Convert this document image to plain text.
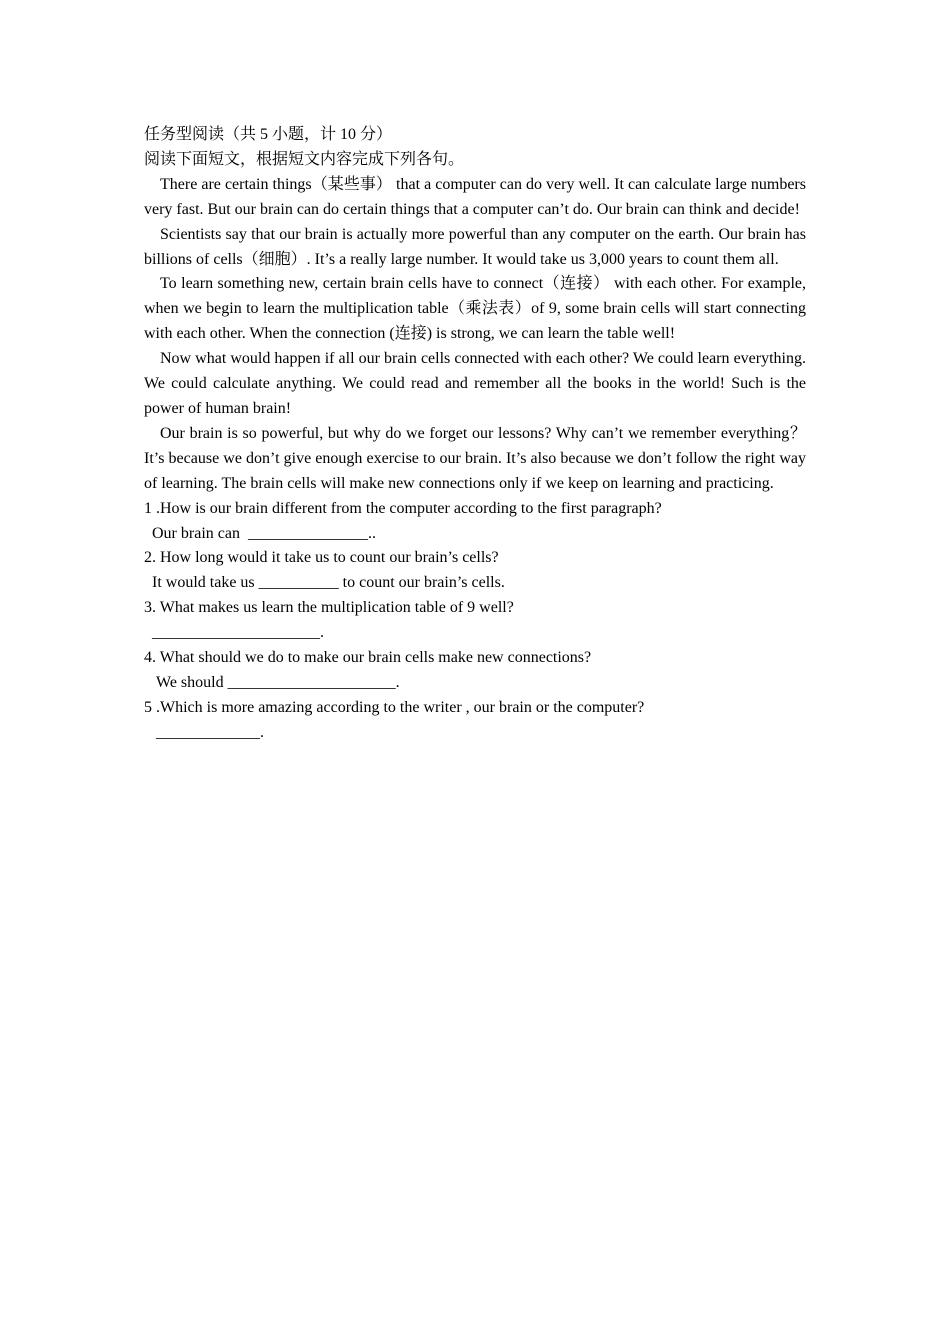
任务型阅读（共 5 小题，计 10 分）

阅读下面短文，根据短文内容完成下列各句。

There are certain things（某些事） that a computer can do very well. It can calculate large numbers very fast. But our brain can do certain things that a computer can’t do. Our brain can think and decide!

Scientists say that our brain is actually more powerful than any computer on the earth. Our brain has billions of cells（细胞）. It’s a really large number. It would take us 3,000 years to count them all.

To learn something new, certain brain cells have to connect（连接） with each other. For example, when we begin to learn the multiplication table（乘法表）of 9, some brain cells will start connecting with each other. When the connection (连接) is strong, we can learn the table well!

Now what would happen if all our brain cells connected with each other? We could learn everything. We could calculate anything. We could read and remember all the books in the world! Such is the power of human brain!

Our brain is so powerful, but why do we forget our lessons? Why can’t we remember everything？It’s because we don’t give enough exercise to our brain. It’s also because we don’t follow the right way of learning. The brain cells will make new connections only if we keep on learning and practicing.

1 .How is our brain different from the computer according to the first paragraph?

Our brain can  _______________..

2. How long would it take us to count our brain’s cells?

It would take us __________ to count our brain’s cells.

3. What makes us learn the multiplication table of 9 well?

_____________________.

4. What should we do to make our brain cells make new connections?

We should _____________________.

5 .Which is more amazing according to the writer , our brain or the computer?

_____________.
